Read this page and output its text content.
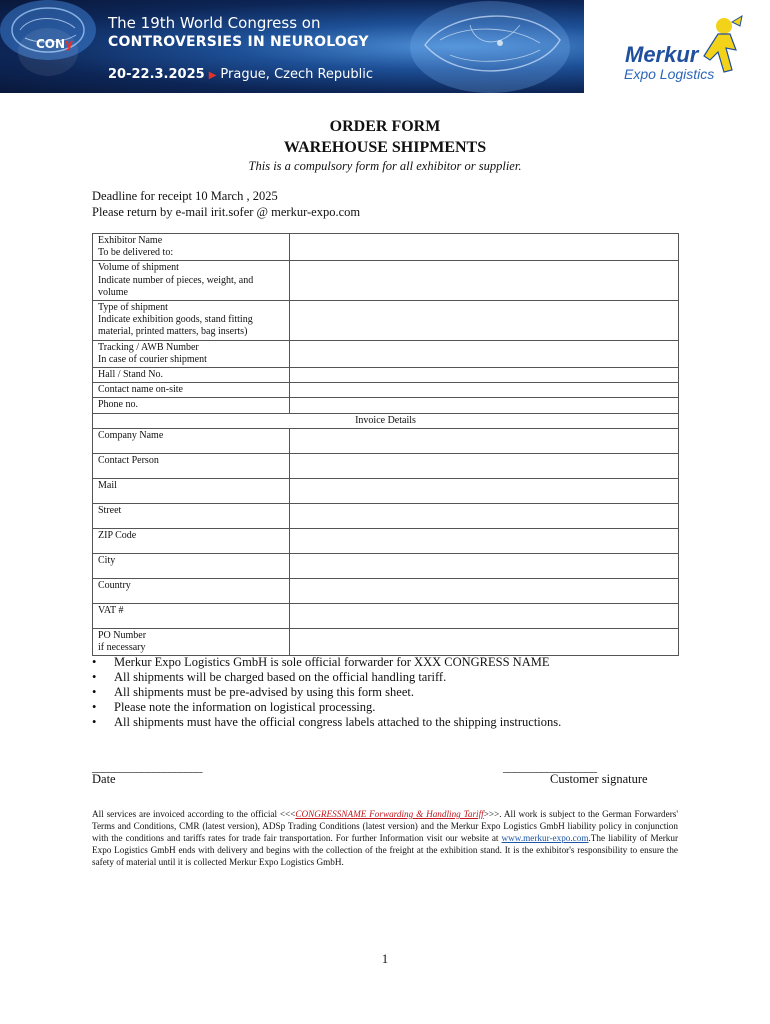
CONy
The 19th World Congress on
CONTROVERSIES IN NEUROLOGY
20-22.3.2025 ▶ Prague, Czech Republic
Merkur
Expo Logistics
ORDER FORM
WAREHOUSE SHIPMENTS
This is a compulsory form for all exhibitor or supplier.
Deadline for receipt 10 March , 2025
Please return by e-mail irit.sofer @ merkur-expo.com
Exhibitor Name
To be delivered to:	

Volume of shipment
Indicate number of pieces, weight, and
volume	

Type of shipment
Indicate exhibition goods, stand fitting
material, printed matters, bag inserts)	

Tracking / AWB Number
In case of courier shipment	

Hall / Stand No.	

Contact name on-site	

Phone no.	

Invoice Details	

Company Name	

Contact Person	

Mail	

Street	

ZIP Code	

City	

Country	

VAT #	

PO Number
if necessary	

• Merkur Expo Logistics GmbH is sole official forwarder for XXX CONGRESS NAME
• All shipments will be charged based on the official handling tariff.
• All shipments must be pre-advised by using this form sheet.
• Please note the information on logistical processing.
• All shipments must have the official congress labels attached to the shipping instructions.
____________________	_________________
Date	Customer signature
All services are invoiced according to the official <<<CONGRESSNAME Forwarding & Handling Tariff>>>. All work is subject to the German Forwarders' Terms and Conditions, CMR (latest version), ADSp Trading Conditions (latest version) and the Merkur Expo Logistics GmbH liability policy in conjunction with the conditions and tariffs rates for trade fair transportation. For further Information visit our website at www.merkur-expo.com.The liability of Merkur Expo Logistics GmbH ends with delivery and begins with the collection of the freight at the exhibition stand. It is the exhibitor's responsibility to ensure the safety of material until it is collected Merkur Expo Logistics GmbH.
1
